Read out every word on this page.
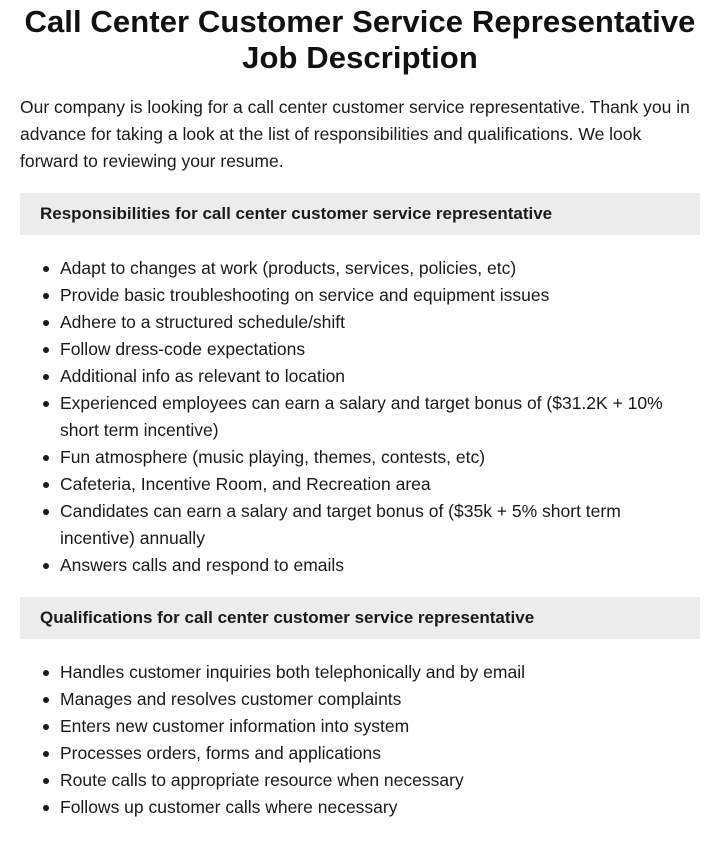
Call Center Customer Service Representative Job Description

Our company is looking for a call center customer service representative. Thank you in advance for taking a look at the list of responsibilities and qualifications. We look forward to reviewing your resume.

Responsibilities for call center customer service representative
Adapt to changes at work (products, services, policies, etc)
Provide basic troubleshooting on service and equipment issues
Adhere to a structured schedule/shift
Follow dress-code expectations
Additional info as relevant to location
Experienced employees can earn a salary and target bonus of ($31.2K + 10% short term incentive)
Fun atmosphere (music playing, themes, contests, etc)
Cafeteria, Incentive Room, and Recreation area
Candidates can earn a salary and target bonus of ($35k + 5% short term incentive) annually
Answers calls and respond to emails
Qualifications for call center customer service representative
Handles customer inquiries both telephonically and by email
Manages and resolves customer complaints
Enters new customer information into system
Processes orders, forms and applications
Route calls to appropriate resource when necessary
Follows up customer calls where necessary
